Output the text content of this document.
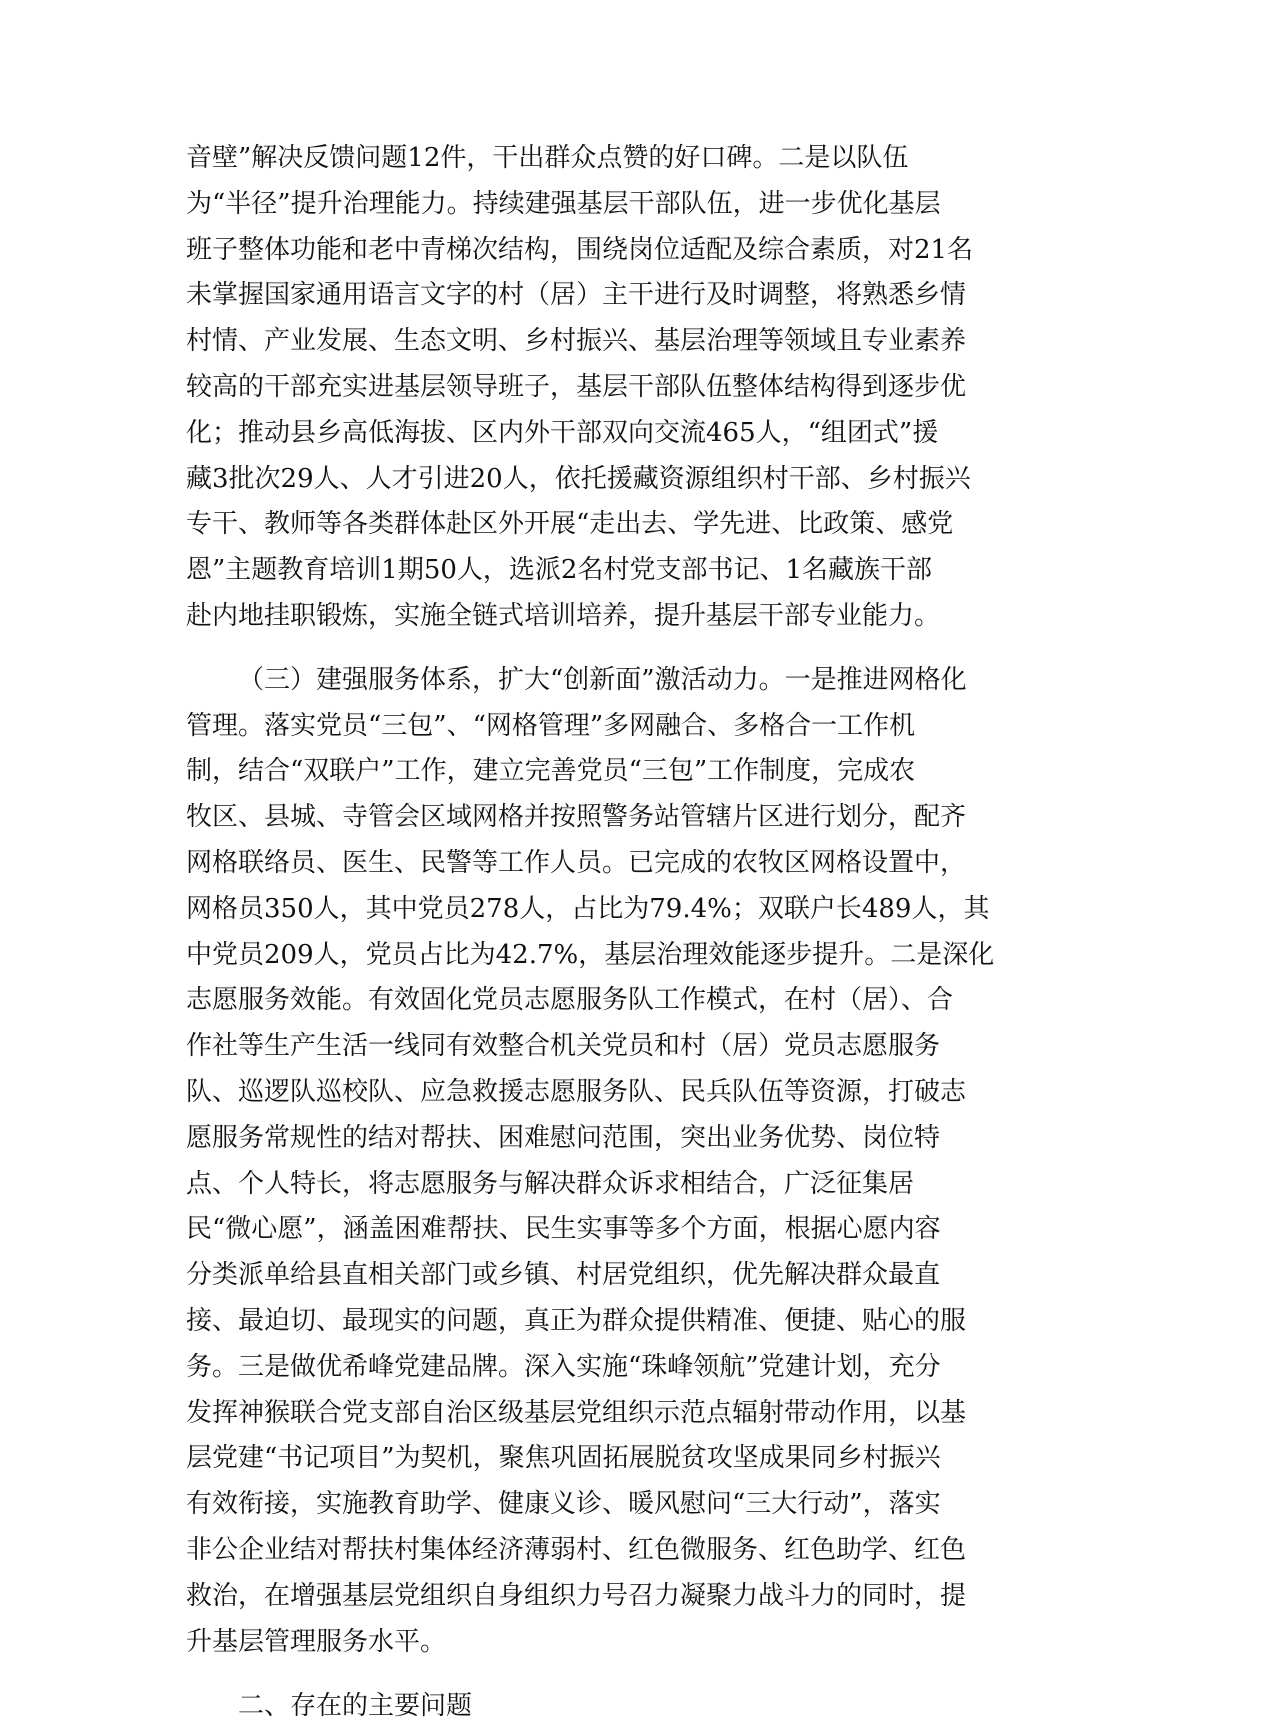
音壁”解决反馈问题12件，干出群众点赞的好口碑。二是以队伍
为“半径”提升治理能力。持续建强基层干部队伍，进一步优化基层
班子整体功能和老中青梯次结构，围绕岗位适配及综合素质，对21名
未掌握国家通用语言文字的村（居）主干进行及时调整，将熟悉乡情
村情、产业发展、生态文明、乡村振兴、基层治理等领域且专业素养
较高的干部充实进基层领导班子，基层干部队伍整体结构得到逐步优
化；推动县乡高低海拔、区内外干部双向交流465人，“组团式”援
藏3批次29人、人才引进20人，依托援藏资源组织村干部、乡村振兴
专干、教师等各类群体赴区外开展“走出去、学先进、比政策、感党
恩”主题教育培训1期50人，选派2名村党支部书记、1名藏族干部
赴内地挂职锻炼，实施全链式培训培养，提升基层干部专业能力。
（三）建强服务体系，扩大“创新面”激活动力。一是推进网格化
管理。落实党员“三包”、“网格管理”多网融合、多格合一工作机
制，结合“双联户”工作，建立完善党员“三包”工作制度，完成农
牧区、县城、寺管会区域网格并按照警务站管辖片区进行划分，配齐
网格联络员、医生、民警等工作人员。已完成的农牧区网格设置中，
网格员350人，其中党员278人，占比为79.4%；双联户长489人，其
中党员209人，党员占比为42.7%，基层治理效能逐步提升。二是深化
志愿服务效能。有效固化党员志愿服务队工作模式，在村（居）、合
作社等生产生活一线同有效整合机关党员和村（居）党员志愿服务
队、巡逻队巡校队、应急救援志愿服务队、民兵队伍等资源，打破志
愿服务常规性的结对帮扶、困难慰问范围，突出业务优势、岗位特
点、个人特长，将志愿服务与解决群众诉求相结合，广泛征集居
民“微心愿”，涵盖困难帮扶、民生实事等多个方面，根据心愿内容
分类派单给县直相关部门或乡镇、村居党组织，优先解决群众最直
接、最迫切、最现实的问题，真正为群众提供精准、便捷、贴心的服
务。三是做优希峰党建品牌。深入实施“珠峰领航”党建计划，充分
发挥神猴联合党支部自治区级基层党组织示范点辐射带动作用，以基
层党建“书记项目”为契机，聚焦巩固拓展脱贫攻坚成果同乡村振兴
有效衔接，实施教育助学、健康义诊、暖风慰问“三大行动”，落实
非公企业结对帮扶村集体经济薄弱村、红色微服务、红色助学、红色
救治，在增强基层党组织自身组织力号召力凝聚力战斗力的同时，提
升基层管理服务水平。
二、存在的主要问题
